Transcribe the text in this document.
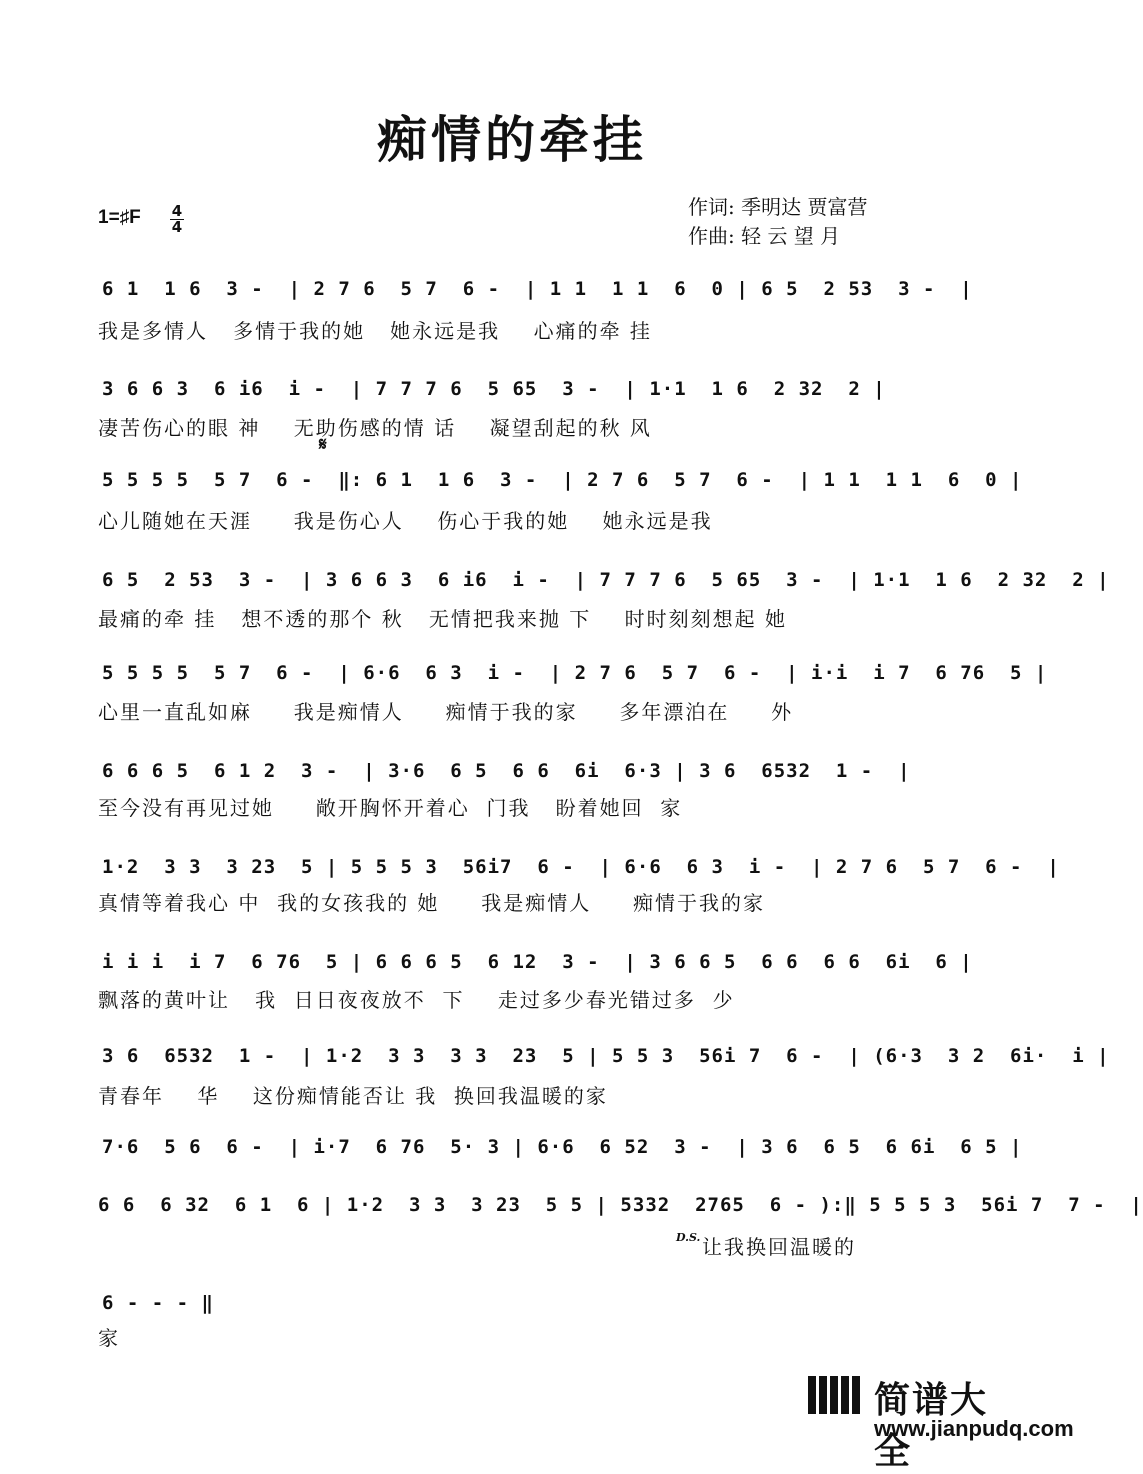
痴情的牵挂
1=♯F 4
4
作词: 季明达 贾富营
作曲: 轻 云 望 月
𝄋
6 1  1 6  3 -  | 2 7 6  5 7  6 -  | 1 1  1 1  6  0 | 6 5  2 53  3 -  |
我是多情人   多情于我的她   她永远是我    心痛的牵 挂
3 6 6 3  6 i6  i -  | 7 7 7 6  5 65  3 -  | 1·1  1 6  2 32  2 |
凄苦伤心的眼 神    无助伤感的情 话    凝望刮起的秋 风
5 5 5 5  5 7  6 -  ‖: 6 1  1 6  3 -  | 2 7 6  5 7  6 -  | 1 1  1 1  6  0 |
心儿随她在天涯     我是伤心人    伤心于我的她    她永远是我
6 5  2 53  3 -  | 3 6 6 3  6 i6  i -  | 7 7 7 6  5 65  3 -  | 1·1  1 6  2 32  2 |
最痛的牵 挂   想不透的那个 秋   无情把我来抛 下    时时刻刻想起 她
5 5 5 5  5 7  6 -  | 6·6  6 3  i -  | 2 7 6  5 7  6 -  | i·i  i 7  6 76  5 |
心里一直乱如麻     我是痴情人     痴情于我的家     多年漂泊在     外
6 6 6 5  6 1 2  3 -  | 3·6  6 5  6 6  6i  6·3 | 3 6  6532  1 -  |
至今没有再见过她     敞开胸怀开着心  门我   盼着她回  家
1·2  3 3  3 23  5 | 5 5 5 3  56i7  6 -  | 6·6  6 3  i -  | 2 7 6  5 7  6 -  |
真情等着我心 中  我的女孩我的 她     我是痴情人     痴情于我的家
i i i  i 7  6 76  5 | 6 6 6 5  6 12  3 -  | 3 6 6 5  6 6  6 6  6i  6 |
飘落的黄叶让   我  日日夜夜放不  下    走过多少春光错过多  少
3 6  6532  1 -  | 1·2  3 3  3 3  23  5 | 5 5 3  56i 7  6 -  | (6·3  3 2  6i·  i |
青春年    华    这份痴情能否让 我  换回我温暖的家
7·6  5 6  6 -  | i·7  6 76  5· 3 | 6·6  6 52  3 -  | 3 6  6 5  6 6i  6 5 |
6 6  6 32  6 1  6 | 1·2  3 3  3 23  5 5 | 5332  2765  6 - ):‖ 5 5 5 3  56i 7  7 -  |
D.S. 让我换回温暖的
6 - - - ‖
家
简谱大全
www.jianpudq.com
